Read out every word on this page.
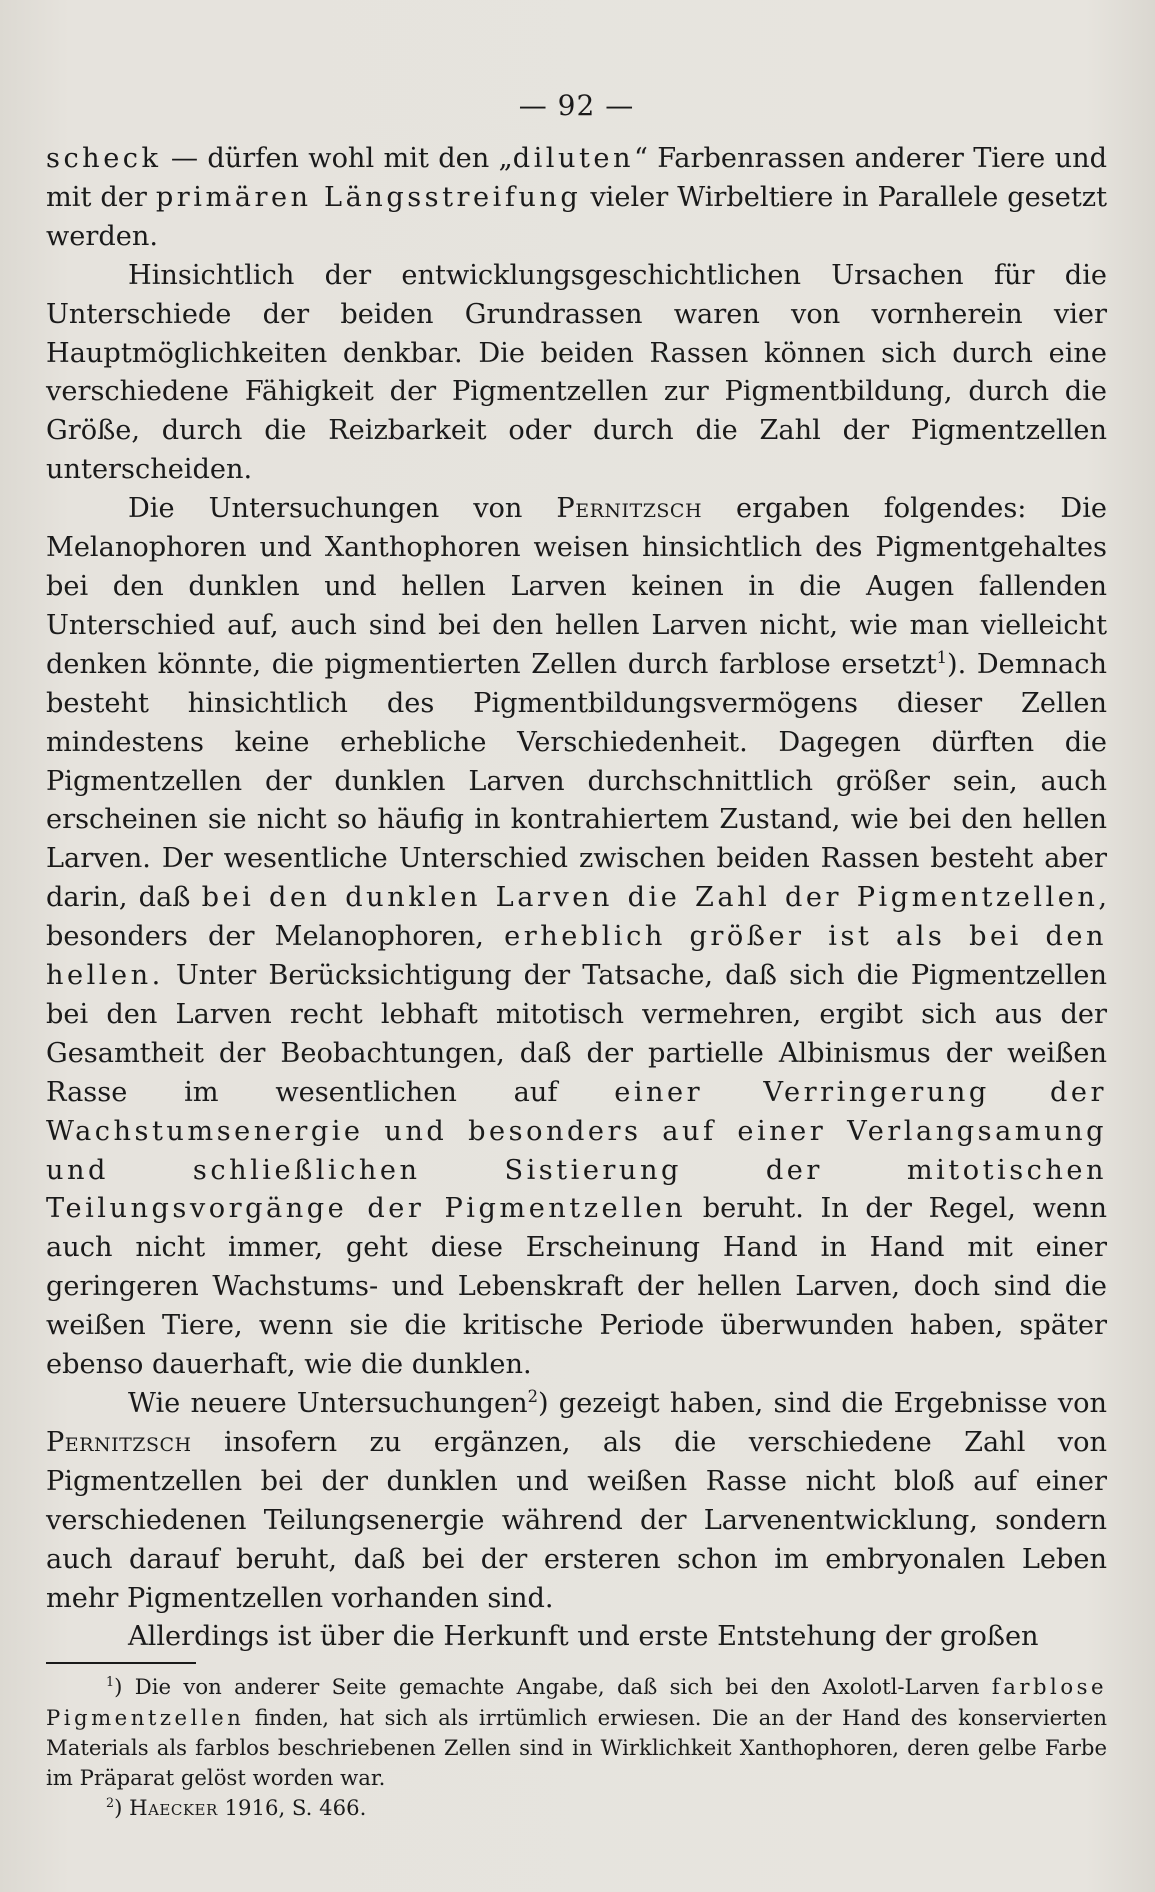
— 92 —

scheck — dürfen wohl mit den „diluten“ Farbenrassen anderer Tiere und mit der primären Längsstreifung vieler Wirbeltiere in Parallele gesetzt werden.

Hinsichtlich der entwicklungsgeschichtlichen Ursachen für die Unterschiede der beiden Grundrassen waren von vornherein vier Hauptmöglichkeiten denkbar. Die beiden Rassen können sich durch eine verschiedene Fähigkeit der Pigmentzellen zur Pigmentbildung, durch die Größe, durch die Reizbarkeit oder durch die Zahl der Pigmentzellen unterscheiden.

Die Untersuchungen von Pernitzsch ergaben folgendes: Die Melanophoren und Xanthophoren weisen hinsichtlich des Pigmentgehaltes bei den dunklen und hellen Larven keinen in die Augen fallenden Unterschied auf, auch sind bei den hellen Larven nicht, wie man vielleicht denken könnte, die pigmentierten Zellen durch farblose ersetzt$^1$). Demnach besteht hinsichtlich des Pigmentbildungsvermögens dieser Zellen mindestens keine erhebliche Verschiedenheit. Dagegen dürften die Pigmentzellen der dunklen Larven durchschnittlich größer sein, auch erscheinen sie nicht so häufig in kontrahiertem Zustand, wie bei den hellen Larven. Der wesentliche Unterschied zwischen beiden Rassen besteht aber darin, daß bei den dunklen Larven die Zahl der Pigmentzellen, besonders der Melanophoren, erheblich größer ist als bei den hellen. Unter Berücksichtigung der Tatsache, daß sich die Pigmentzellen bei den Larven recht lebhaft mitotisch vermehren, ergibt sich aus der Gesamtheit der Beobachtungen, daß der partielle Albinismus der weißen Rasse im wesentlichen auf einer Verringerung der Wachstumsenergie und besonders auf einer Verlangsamung und schließlichen Sistierung der mitotischen Teilungsvorgänge der Pigmentzellen beruht. In der Regel, wenn auch nicht immer, geht diese Erscheinung Hand in Hand mit einer geringeren Wachstums- und Lebenskraft der hellen Larven, doch sind die weißen Tiere, wenn sie die kritische Periode überwunden haben, später ebenso dauerhaft, wie die dunklen.

Wie neuere Untersuchungen$^2$) gezeigt haben, sind die Ergebnisse von Pernitzsch insofern zu ergänzen, als die verschiedene Zahl von Pigmentzellen bei der dunklen und weißen Rasse nicht bloß auf einer verschiedenen Teilungsenergie während der Larvenentwicklung, sondern auch darauf beruht, daß bei der ersteren schon im embryonalen Leben mehr Pigmentzellen vorhanden sind.

Allerdings ist über die Herkunft und erste Entstehung der großen

$^1$) Die von anderer Seite gemachte Angabe, daß sich bei den Axolotl-Larven farblose Pigmentzellen finden, hat sich als irrtümlich erwiesen. Die an der Hand des konservierten Materials als farblos beschriebenen Zellen sind in Wirklichkeit Xanthophoren, deren gelbe Farbe im Präparat gelöst worden war.

$^2$) Haecker 1916, S. 466.
